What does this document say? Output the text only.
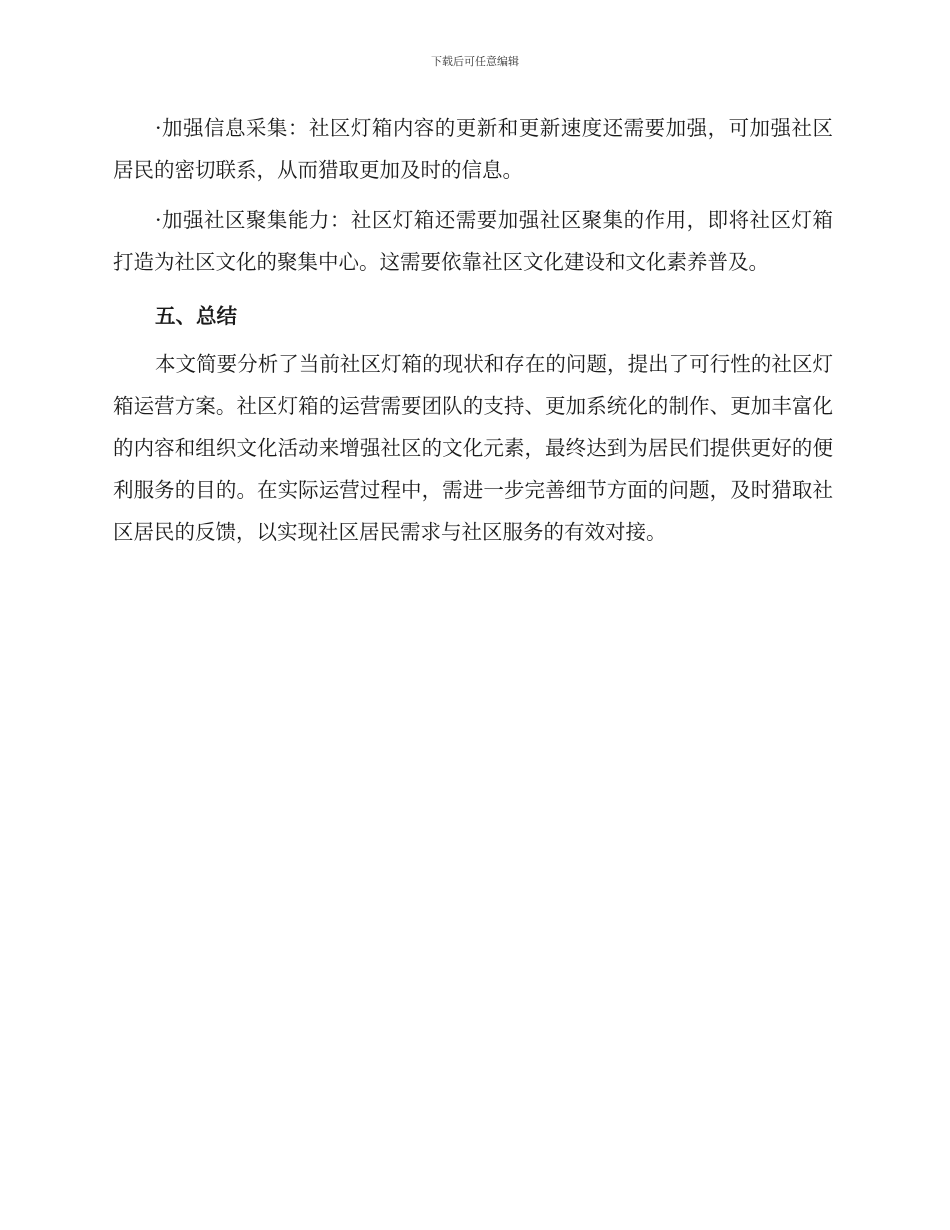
下载后可任意编辑

·加强信息采集：社区灯箱内容的更新和更新速度还需要加强，可加强社区居民的密切联系，从而猎取更加及时的信息。

·加强社区聚集能力：社区灯箱还需要加强社区聚集的作用，即将社区灯箱打造为社区文化的聚集中心。这需要依靠社区文化建设和文化素养普及。

五、总结

本文简要分析了当前社区灯箱的现状和存在的问题，提出了可行性的社区灯箱运营方案。社区灯箱的运营需要团队的支持、更加系统化的制作、更加丰富化的内容和组织文化活动来增强社区的文化元素，最终达到为居民们提供更好的便利服务的目的。在实际运营过程中，需进一步完善细节方面的问题，及时猎取社区居民的反馈，以实现社区居民需求与社区服务的有效对接。
